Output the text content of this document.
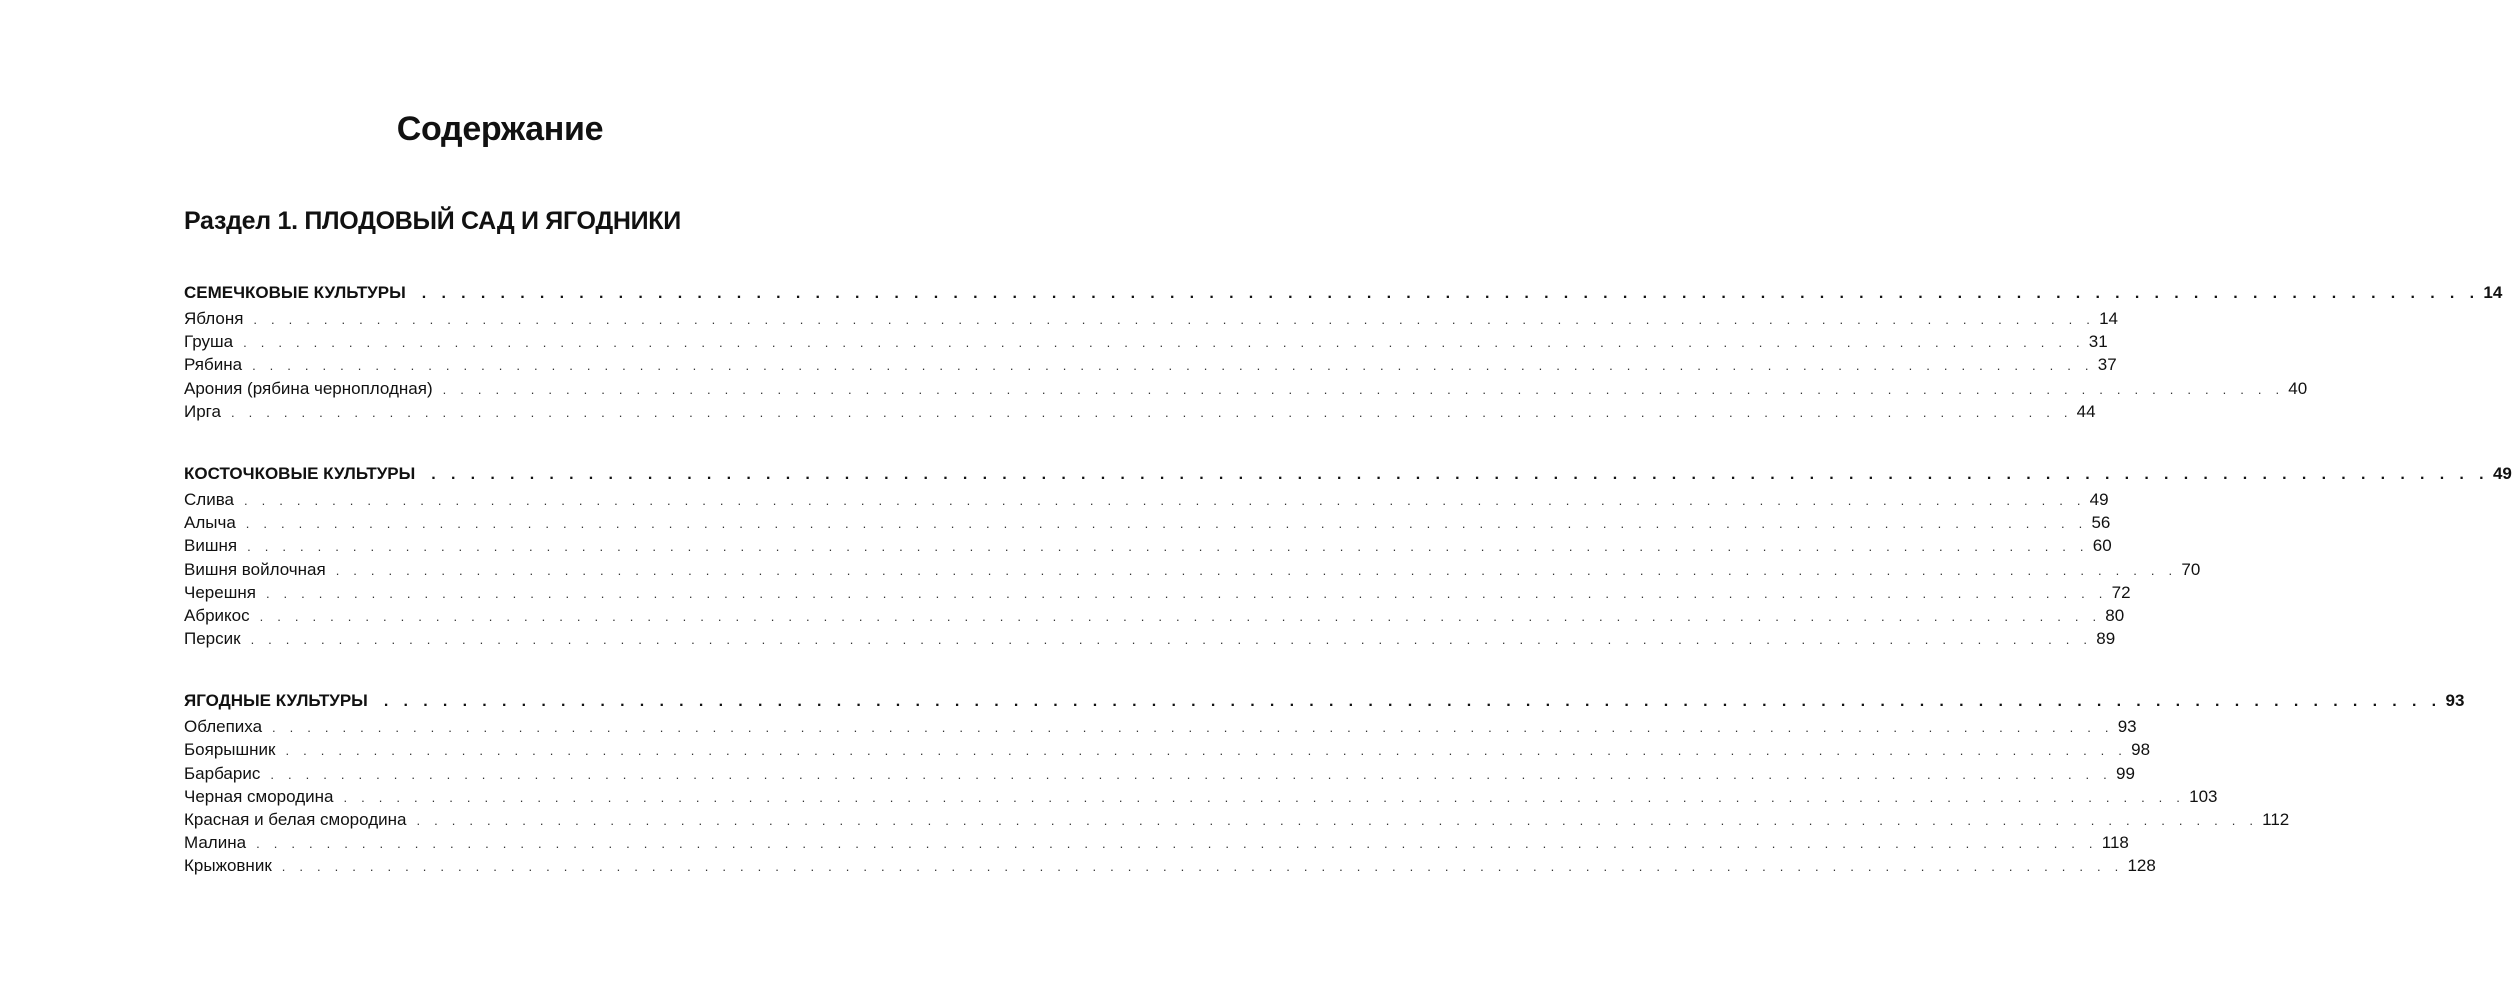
Содержание
Раздел 1. ПЛОДОВЫЙ САД И ЯГОДНИКИ
СЕМЕЧКОВЫЕ КУЛЬТУРЫ . . . . . . . . . . . . . . . . . . . . . . . . . . . . . . . . . . . . . . . . . . . . . . . . . . . . . . . . . . . . . . . . . . . . . . . . . . . . . . . . . . . . . . . . . . . . . . . . . . . . . . . . . 14
Яблоня . . . . . . . . . . . . . . . . . . . . . . . . . . . . . . . . . . . . . . . . . . . . . . . . . . . . . . . . . . . . . . . . . . . . . . . . . . . . . . . . . . . . . . . . . . . . . . . . . . . . . . . . . 14
Груша . . . . . . . . . . . . . . . . . . . . . . . . . . . . . . . . . . . . . . . . . . . . . . . . . . . . . . . . . . . . . . . . . . . . . . . . . . . . . . . . . . . . . . . . . . . . . . . . . . . . . . . . . 31
Рябина . . . . . . . . . . . . . . . . . . . . . . . . . . . . . . . . . . . . . . . . . . . . . . . . . . . . . . . . . . . . . . . . . . . . . . . . . . . . . . . . . . . . . . . . . . . . . . . . . . . . . . . . . 37
Арония (рябина черноплодная) . . . . . . . . . . . . . . . . . . . . . . . . . . . . . . . . . . . . . . . . . . . . . . . . . . . . . . . . . . . . . . . . . . . . . . . . . . . . . . . . . . . . . . . . . . . . . . . . . . . . . . . . . 40
Ирга . . . . . . . . . . . . . . . . . . . . . . . . . . . . . . . . . . . . . . . . . . . . . . . . . . . . . . . . . . . . . . . . . . . . . . . . . . . . . . . . . . . . . . . . . . . . . . . . . . . . . . . . . 44
КОСТОЧКОВЫЕ КУЛЬТУРЫ . . . . . . . . . . . . . . . . . . . . . . . . . . . . . . . . . . . . . . . . . . . . . . . . . . . . . . . . . . . . . . . . . . . . . . . . . . . . . . . . . . . . . . . . . . . . . . . . . . . . . . . . . 49
Слива . . . . . . . . . . . . . . . . . . . . . . . . . . . . . . . . . . . . . . . . . . . . . . . . . . . . . . . . . . . . . . . . . . . . . . . . . . . . . . . . . . . . . . . . . . . . . . . . . . . . . . . . . 49
Алыча . . . . . . . . . . . . . . . . . . . . . . . . . . . . . . . . . . . . . . . . . . . . . . . . . . . . . . . . . . . . . . . . . . . . . . . . . . . . . . . . . . . . . . . . . . . . . . . . . . . . . . . . . 56
Вишня . . . . . . . . . . . . . . . . . . . . . . . . . . . . . . . . . . . . . . . . . . . . . . . . . . . . . . . . . . . . . . . . . . . . . . . . . . . . . . . . . . . . . . . . . . . . . . . . . . . . . . . . . 60
Вишня войлочная . . . . . . . . . . . . . . . . . . . . . . . . . . . . . . . . . . . . . . . . . . . . . . . . . . . . . . . . . . . . . . . . . . . . . . . . . . . . . . . . . . . . . . . . . . . . . . . . . . . . . . . . . 70
Черешня . . . . . . . . . . . . . . . . . . . . . . . . . . . . . . . . . . . . . . . . . . . . . . . . . . . . . . . . . . . . . . . . . . . . . . . . . . . . . . . . . . . . . . . . . . . . . . . . . . . . . . . . . 72
Абрикос . . . . . . . . . . . . . . . . . . . . . . . . . . . . . . . . . . . . . . . . . . . . . . . . . . . . . . . . . . . . . . . . . . . . . . . . . . . . . . . . . . . . . . . . . . . . . . . . . . . . . . . . . 80
Персик . . . . . . . . . . . . . . . . . . . . . . . . . . . . . . . . . . . . . . . . . . . . . . . . . . . . . . . . . . . . . . . . . . . . . . . . . . . . . . . . . . . . . . . . . . . . . . . . . . . . . . . . . 89
ЯГОДНЫЕ КУЛЬТУРЫ . . . . . . . . . . . . . . . . . . . . . . . . . . . . . . . . . . . . . . . . . . . . . . . . . . . . . . . . . . . . . . . . . . . . . . . . . . . . . . . . . . . . . . . . . . . . . . . . . . . . . . . . . 93
Облепиха . . . . . . . . . . . . . . . . . . . . . . . . . . . . . . . . . . . . . . . . . . . . . . . . . . . . . . . . . . . . . . . . . . . . . . . . . . . . . . . . . . . . . . . . . . . . . . . . . . . . . . . . . 93
Боярышник . . . . . . . . . . . . . . . . . . . . . . . . . . . . . . . . . . . . . . . . . . . . . . . . . . . . . . . . . . . . . . . . . . . . . . . . . . . . . . . . . . . . . . . . . . . . . . . . . . . . . . . . . 98
Барбарис . . . . . . . . . . . . . . . . . . . . . . . . . . . . . . . . . . . . . . . . . . . . . . . . . . . . . . . . . . . . . . . . . . . . . . . . . . . . . . . . . . . . . . . . . . . . . . . . . . . . . . . . . 99
Черная смородина . . . . . . . . . . . . . . . . . . . . . . . . . . . . . . . . . . . . . . . . . . . . . . . . . . . . . . . . . . . . . . . . . . . . . . . . . . . . . . . . . . . . . . . . . . . . . . . . . . . . . . . . . 103
Красная и белая смородина . . . . . . . . . . . . . . . . . . . . . . . . . . . . . . . . . . . . . . . . . . . . . . . . . . . . . . . . . . . . . . . . . . . . . . . . . . . . . . . . . . . . . . . . . . . . . . . . . . . . . . . . . 112
Малина . . . . . . . . . . . . . . . . . . . . . . . . . . . . . . . . . . . . . . . . . . . . . . . . . . . . . . . . . . . . . . . . . . . . . . . . . . . . . . . . . . . . . . . . . . . . . . . . . . . . . . . . . 118
Крыжовник . . . . . . . . . . . . . . . . . . . . . . . . . . . . . . . . . . . . . . . . . . . . . . . . . . . . . . . . . . . . . . . . . . . . . . . . . . . . . . . . . . . . . . . . . . . . . . . . . . . . . . . . . 128
